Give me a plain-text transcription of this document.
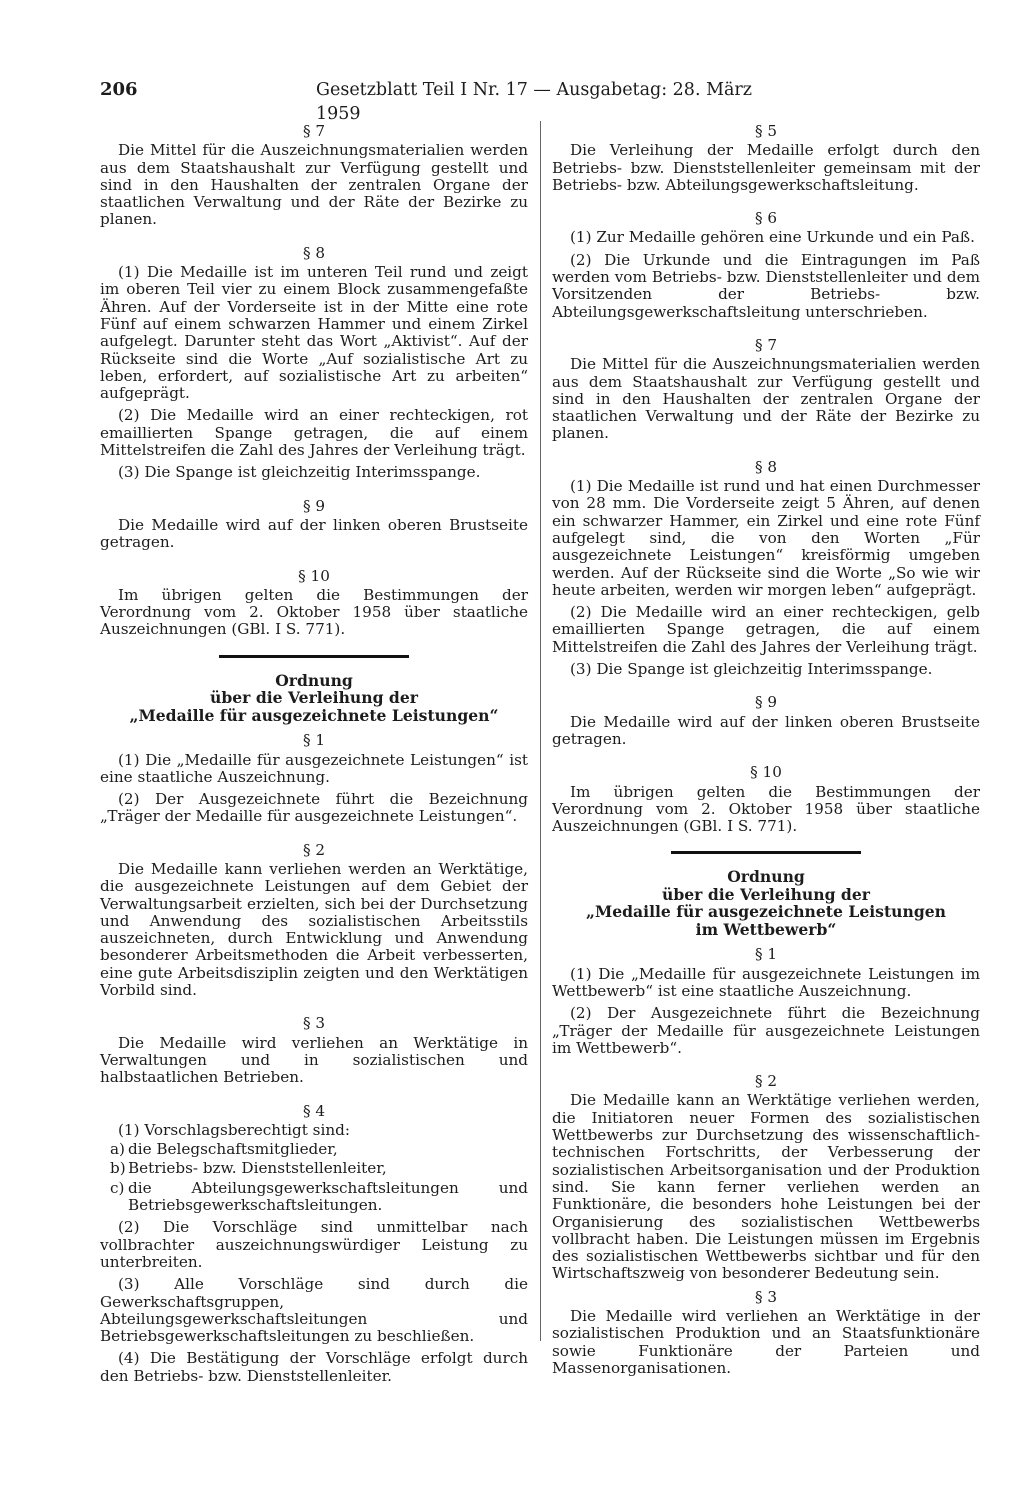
206	Gesetzblatt Teil I Nr. 17 — Ausgabetag: 28. März 1959

§ 7

Die Mittel für die Auszeichnungsmaterialien werden aus dem Staatshaushalt zur Verfügung gestellt und sind in den Haushalten der zentralen Organe der staatlichen Verwaltung und der Räte der Bezirke zu planen.

§ 8

(1) Die Medaille ist im unteren Teil rund und zeigt im oberen Teil vier zu einem Block zusammengefaßte Ähren. Auf der Vorderseite ist in der Mitte eine rote Fünf auf einem schwarzen Hammer und einem Zirkel aufgelegt. Darunter steht das Wort „Aktivist“. Auf der Rückseite sind die Worte „Auf sozialistische Art zu leben, erfordert, auf sozialistische Art zu arbeiten“ aufgeprägt.

(2) Die Medaille wird an einer rechteckigen, rot emaillierten Spange getragen, die auf einem Mittelstreifen die Zahl des Jahres der Verleihung trägt.

(3) Die Spange ist gleichzeitig Interimsspange.

§ 9

Die Medaille wird auf der linken oberen Brustseite getragen.

§ 10

Im übrigen gelten die Bestimmungen der Verordnung vom 2. Oktober 1958 über staatliche Auszeichnungen (GBl. I S. 771).

Ordnung
über die Verleihung der
„Medaille für ausgezeichnete Leistungen“

§ 1

(1) Die „Medaille für ausgezeichnete Leistungen“ ist eine staatliche Auszeichnung.

(2) Der Ausgezeichnete führt die Bezeichnung „Träger der Medaille für ausgezeichnete Leistungen“.

§ 2

Die Medaille kann verliehen werden an Werktätige, die ausgezeichnete Leistungen auf dem Gebiet der Verwaltungsarbeit erzielten, sich bei der Durchsetzung und Anwendung des sozialistischen Arbeitsstils auszeichneten, durch Entwicklung und Anwendung besonderer Arbeitsmethoden die Arbeit verbesserten, eine gute Arbeitsdisziplin zeigten und den Werktätigen Vorbild sind.

§ 3

Die Medaille wird verliehen an Werktätige in Verwaltungen und in sozialistischen und halbstaatlichen Betrieben.

§ 4

(1) Vorschlagsberechtigt sind:

a) die Belegschaftsmitglieder,

b) Betriebs- bzw. Dienststellenleiter,

c) die Abteilungsgewerkschaftsleitungen und Betriebsgewerkschaftsleitungen.

(2) Die Vorschläge sind unmittelbar nach vollbrachter auszeichnungswürdiger Leistung zu unterbreiten.

(3) Alle Vorschläge sind durch die Gewerkschaftsgruppen, Abteilungsgewerkschaftsleitungen und Betriebsgewerkschaftsleitungen zu beschließen.

(4) Die Bestätigung der Vorschläge erfolgt durch den Betriebs- bzw. Dienststellenleiter.

§ 5

Die Verleihung der Medaille erfolgt durch den Betriebs- bzw. Dienststellenleiter gemeinsam mit der Betriebs- bzw. Abteilungsgewerkschaftsleitung.

§ 6

(1) Zur Medaille gehören eine Urkunde und ein Paß.

(2) Die Urkunde und die Eintragungen im Paß werden vom Betriebs- bzw. Dienststellenleiter und dem Vorsitzenden der Betriebs- bzw. Abteilungsgewerkschaftsleitung unterschrieben.

§ 7

Die Mittel für die Auszeichnungsmaterialien werden aus dem Staatshaushalt zur Verfügung gestellt und sind in den Haushalten der zentralen Organe der staatlichen Verwaltung und der Räte der Bezirke zu planen.

§ 8

(1) Die Medaille ist rund und hat einen Durchmesser von 28 mm. Die Vorderseite zeigt 5 Ähren, auf denen ein schwarzer Hammer, ein Zirkel und eine rote Fünf aufgelegt sind, die von den Worten „Für ausgezeichnete Leistungen“ kreisförmig umgeben werden. Auf der Rückseite sind die Worte „So wie wir heute arbeiten, werden wir morgen leben“ aufgeprägt.

(2) Die Medaille wird an einer rechteckigen, gelb emaillierten Spange getragen, die auf einem Mittelstreifen die Zahl des Jahres der Verleihung trägt.

(3) Die Spange ist gleichzeitig Interimsspange.

§ 9

Die Medaille wird auf der linken oberen Brustseite getragen.

§ 10

Im übrigen gelten die Bestimmungen der Verordnung vom 2. Oktober 1958 über staatliche Auszeichnungen (GBl. I S. 771).

Ordnung
über die Verleihung der
„Medaille für ausgezeichnete Leistungen
im Wettbewerb“

§ 1

(1) Die „Medaille für ausgezeichnete Leistungen im Wettbewerb“ ist eine staatliche Auszeichnung.

(2) Der Ausgezeichnete führt die Bezeichnung „Träger der Medaille für ausgezeichnete Leistungen im Wettbewerb“.

§ 2

Die Medaille kann an Werktätige verliehen werden, die Initiatoren neuer Formen des sozialistischen Wettbewerbs zur Durchsetzung des wissenschaftlich-technischen Fortschritts, der Verbesserung der sozialistischen Arbeitsorganisation und der Produktion sind. Sie kann ferner verliehen werden an Funktionäre, die besonders hohe Leistungen bei der Organisierung des sozialistischen Wettbewerbs vollbracht haben. Die Leistungen müssen im Ergebnis des sozialistischen Wettbewerbs sichtbar und für den Wirtschaftszweig von besonderer Bedeutung sein.

§ 3

Die Medaille wird verliehen an Werktätige in der sozialistischen Produktion und an Staatsfunktionäre sowie Funktionäre der Parteien und Massenorganisationen.
